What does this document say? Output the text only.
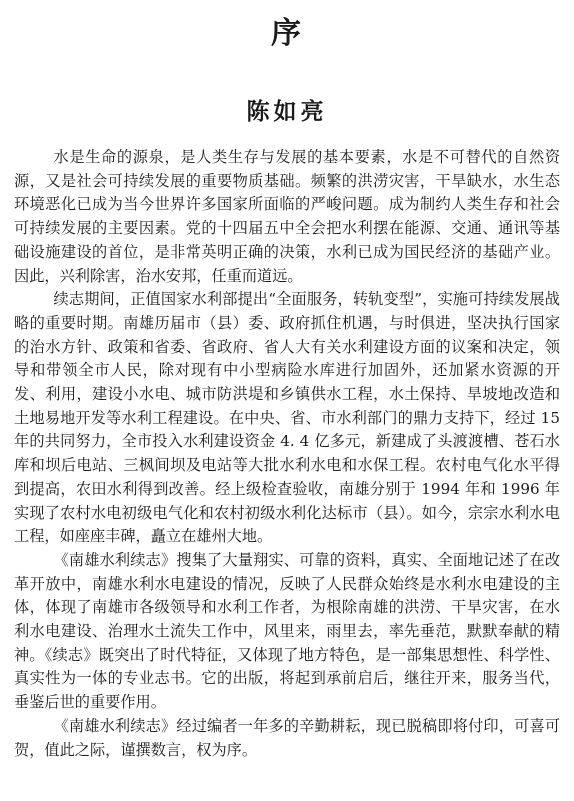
序
陈如亮

水是生命的源泉，是人类生存与发展的基本要素，水是不可替代的自然资源，又是社会可持续发展的重要物质基础。频繁的洪涝灾害，干旱缺水，水生态环境恶化已成为当今世界许多国家所面临的严峻问题。成为制约人类生存和社会可持续发展的主要因素。党的十四届五中全会把水利摆在能源、交通、通讯等基础设施建设的首位，是非常英明正确的决策，水利已成为国民经济的基础产业。因此，兴利除害，治水安邦，任重而道远。

续志期间，正值国家水利部提出“全面服务，转轨变型”，实施可持续发展战略的重要时期。南雄历届市（县）委、政府抓住机遇，与时俱进，坚决执行国家的治水方针、政策和省委、省政府、省人大有关水利建设方面的议案和决定，领导和带领全市人民，除对现有中小型病险水库进行加固外，还加紧水资源的开发、利用，建设小水电、城市防洪堤和乡镇供水工程，水土保持、旱坡地改造和土地易地开发等水利工程建设。在中央、省、市水利部门的鼎力支持下，经过 15 年的共同努力，全市投入水利建设资金 4. 4 亿多元，新建成了头渡渡槽、苍石水库和坝后电站、三枫间坝及电站等大批水利水电和水保工程。农村电气化水平得到提高，农田水利得到改善。经上级检查验收，南雄分别于 1994 年和 1996 年实现了农村水电初级电气化和农村初级水利化达标市（县）。如今，宗宗水利水电工程，如座座丰碑，矗立在雄州大地。

《南雄水利续志》搜集了大量翔实、可靠的资料，真实、全面地记述了在改革开放中，南雄水利水电建设的情况，反映了人民群众始终是水利水电建设的主体，体现了南雄市各级领导和水利工作者，为根除南雄的洪涝、干旱灾害，在水利水电建设、治理水土流失工作中，风里来，雨里去，率先垂范，默默奉献的精神。《续志》既突出了时代特征，又体现了地方特色，是一部集思想性、科学性、真实性为一体的专业志书。它的出版，将起到承前启后，继往开来，服务当代，垂鉴后世的重要作用。

《南雄水利续志》经过编者一年多的辛勤耕耘，现已脱稿即将付印，可喜可贺，值此之际，谨撰数言，权为序。
